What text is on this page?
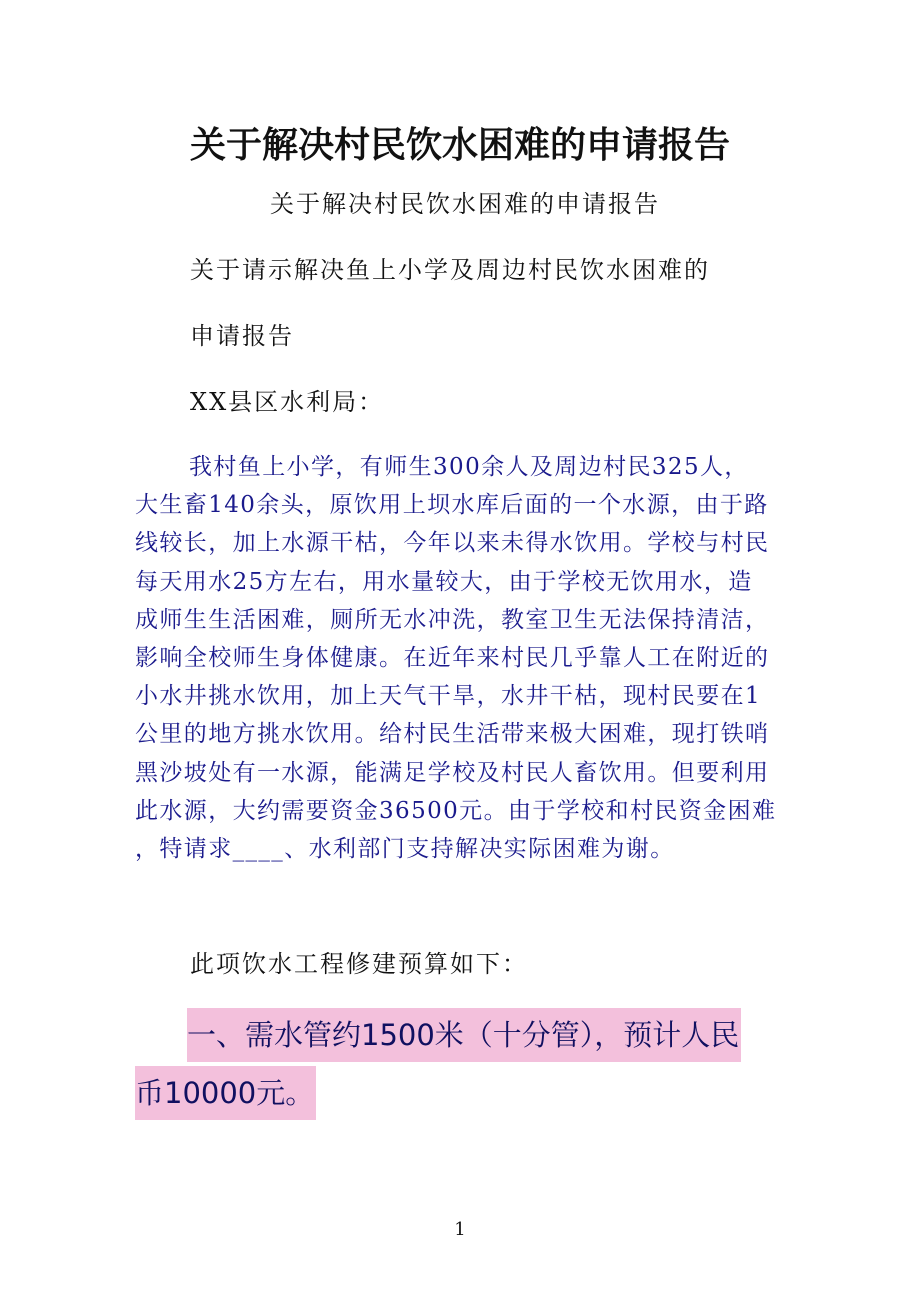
关于解决村民饮水困难的申请报告
关于解决村民饮水困难的申请报告
关于请示解决鱼上小学及周边村民饮水困难的
申请报告
XX县区水利局：
我村鱼上小学，有师生300余人及周边村民325人，
大生畜140余头，原饮用上坝水库后面的一个水源，由于路
线较长，加上水源干枯，今年以来未得水饮用。学校与村民
每天用水25方左右，用水量较大，由于学校无饮用水，造
成师生生活困难，厕所无水冲洗，教室卫生无法保持清洁，
影响全校师生身体健康。在近年来村民几乎靠人工在附近的
小水井挑水饮用，加上天气干旱，水井干枯，现村民要在1
公里的地方挑水饮用。给村民生活带来极大困难，现打铁哨
黑沙坡处有一水源，能满足学校及村民人畜饮用。但要利用
此水源，大约需要资金36500元。由于学校和村民资金困难
，特请求____、水利部门支持解决实际困难为谢。
此项饮水工程修建预算如下：
一、需水管约1500米（十分管），预计人民
币10000元。
1
